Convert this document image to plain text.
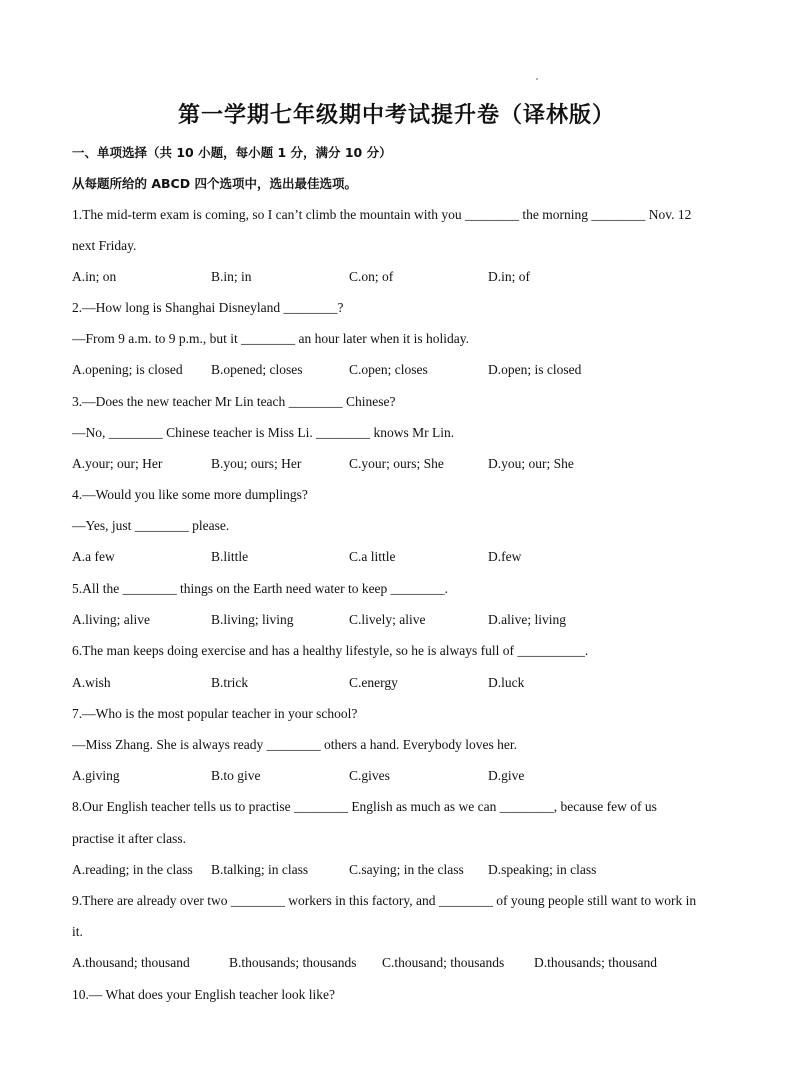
第一学期七年级期中考试提升卷（译林版）
一、单项选择（共 10 小题，每小题 1 分，满分 10 分）
从每题所给的 ABCD 四个选项中，选出最佳选项。
1.The mid-term exam is coming, so I can’t climb the mountain with you ________ the morning ________ Nov. 12
next Friday.
A.in; on	B.in; in	C.on; of	D.in; of
2.—How long is Shanghai Disneyland ________?
—From 9 a.m. to 9 p.m., but it ________ an hour later when it is holiday.
A.opening; is closed B.opened; closes	C.open; closes	D.open; is closed
3.—Does the new teacher Mr Lin teach ________ Chinese?
—No, ________ Chinese teacher is Miss Li. ________ knows Mr Lin.
A.your; our; Her	B.you; ours; Her	C.your; ours; She	D.you; our; She
4.—Would you like some more dumplings?
—Yes, just ________ please.
A.a few	B.little	C.a little	D.few
5.All the ________ things on the Earth need water to keep ________.
A.living; alive	B.living; living	C.lively; alive	D.alive; living
6.The man keeps doing exercise and has a healthy lifestyle, so he is always full of __________.
A.wish	B.trick	C.energy	D.luck
7.—Who is the most popular teacher in your school?
—Miss Zhang. She is always ready ________ others a hand. Everybody loves her.
A.giving	B.to give	C.gives	D.give
8.Our English teacher tells us to practise ________ English as much as we can ________, because few of us
practise it after class.
A.reading; in the class B.talking; in class	C.saying; in the class D.speaking; in class
9.There are already over two ________ workers in this factory, and ________ of young people still want to work in
it.
A.thousand; thousand	B.thousands; thousands C.thousand; thousands D.thousands; thousand
10.— What does your English teacher look like?
